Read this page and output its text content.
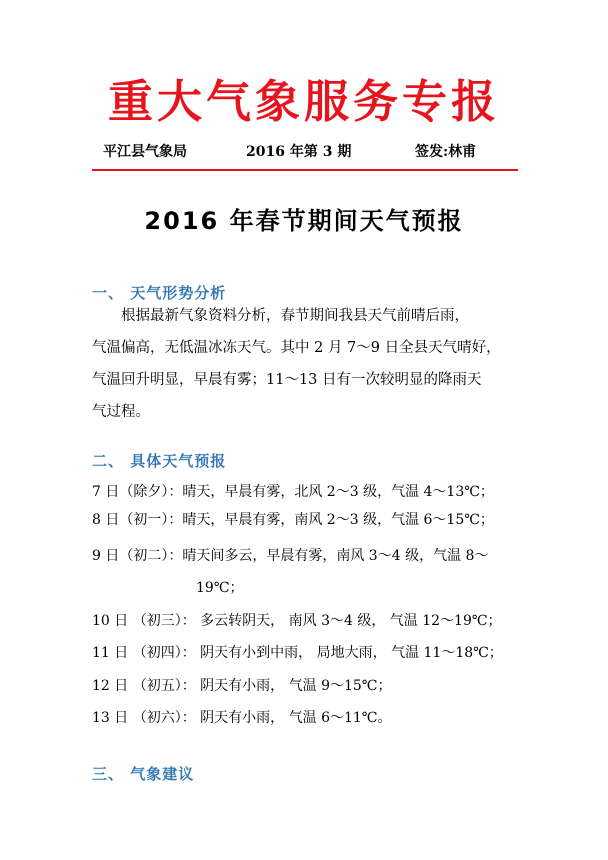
重大气象服务专报
平江县气象局	2016 年第 3 期	签发:林甫
2016 年春节期间天气预报
一、 天气形势分析
根据最新气象资料分析，春节期间我县天气前晴后雨，
气温偏高，无低温冰冻天气。其中 2 月 7～9 日全县天气晴好，
气温回升明显，早晨有雾；11～13 日有一次较明显的降雨天
气过程。
二、 具体天气预报
7 日（除夕）：晴天，早晨有雾，北风 2～3 级，气温 4～13℃；
8 日（初一）：晴天，早晨有雾，南风 2～3 级，气温 6～15℃；
9 日（初二）：晴天间多云，早晨有雾，南风 3～4 级，气温 8～
19℃；
10 日 （初三）： 多云转阴天， 南风 3～4 级， 气温 12～19℃；
11 日 （初四）： 阴天有小到中雨， 局地大雨， 气温 11～18℃；
12 日 （初五）： 阴天有小雨， 气温 9～15℃；
13 日 （初六）： 阴天有小雨， 气温 6～11℃。
三、 气象建议
